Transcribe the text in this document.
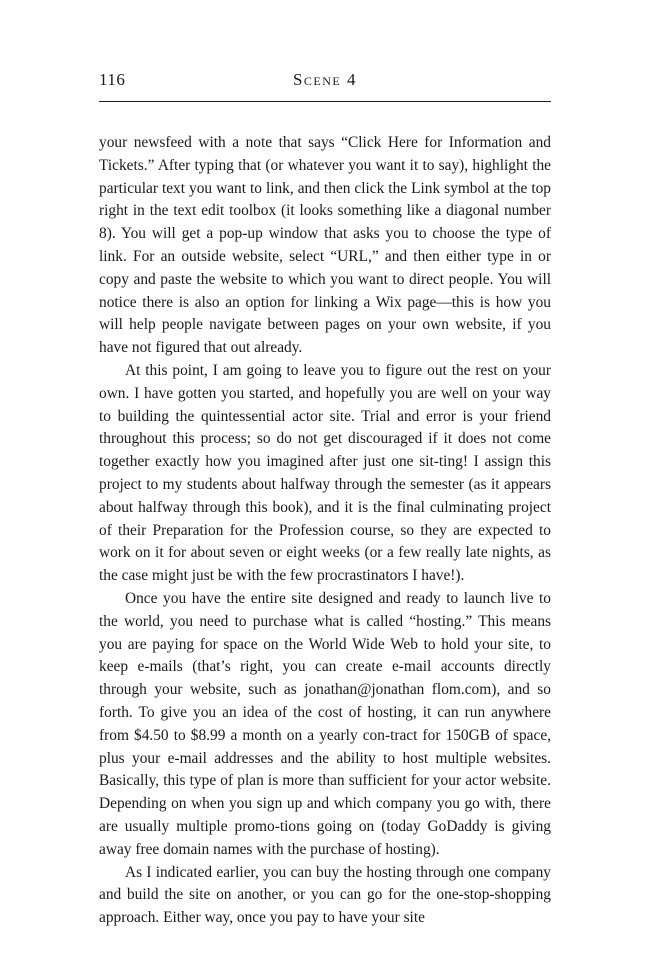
116	Scene 4

your newsfeed with a note that says “Click Here for Information and Tickets.” After typing that (or whatever you want it to say), highlight the particular text you want to link, and then click the Link symbol at the top right in the text edit toolbox (it looks something like a diagonal number 8). You will get a pop-up window that asks you to choose the type of link. For an outside website, select “URL,” and then either type in or copy and paste the website to which you want to direct people. You will notice there is also an option for linking a Wix page—this is how you will help people navigate between pages on your own website, if you have not figured that out already.

At this point, I am going to leave you to figure out the rest on your own. I have gotten you started, and hopefully you are well on your way to building the quintessential actor site. Trial and error is your friend throughout this process; so do not get discouraged if it does not come together exactly how you imagined after just one sit-ting! I assign this project to my students about halfway through the semester (as it appears about halfway through this book), and it is the final culminating project of their Preparation for the Profession course, so they are expected to work on it for about seven or eight weeks (or a few really late nights, as the case might just be with the few procrastinators I have!).

Once you have the entire site designed and ready to launch live to the world, you need to purchase what is called “hosting.” This means you are paying for space on the World Wide Web to hold your site, to keep e-mails (that’s right, you can create e-mail accounts directly through your website, such as jonathan@jonathan flom.com), and so forth. To give you an idea of the cost of hosting, it can run anywhere from $4.50 to $8.99 a month on a yearly con-tract for 150GB of space, plus your e-mail addresses and the ability to host multiple websites. Basically, this type of plan is more than sufficient for your actor website. Depending on when you sign up and which company you go with, there are usually multiple promo-tions going on (today GoDaddy is giving away free domain names with the purchase of hosting).

As I indicated earlier, you can buy the hosting through one company and build the site on another, or you can go for the one-stop-shopping approach. Either way, once you pay to have your site
